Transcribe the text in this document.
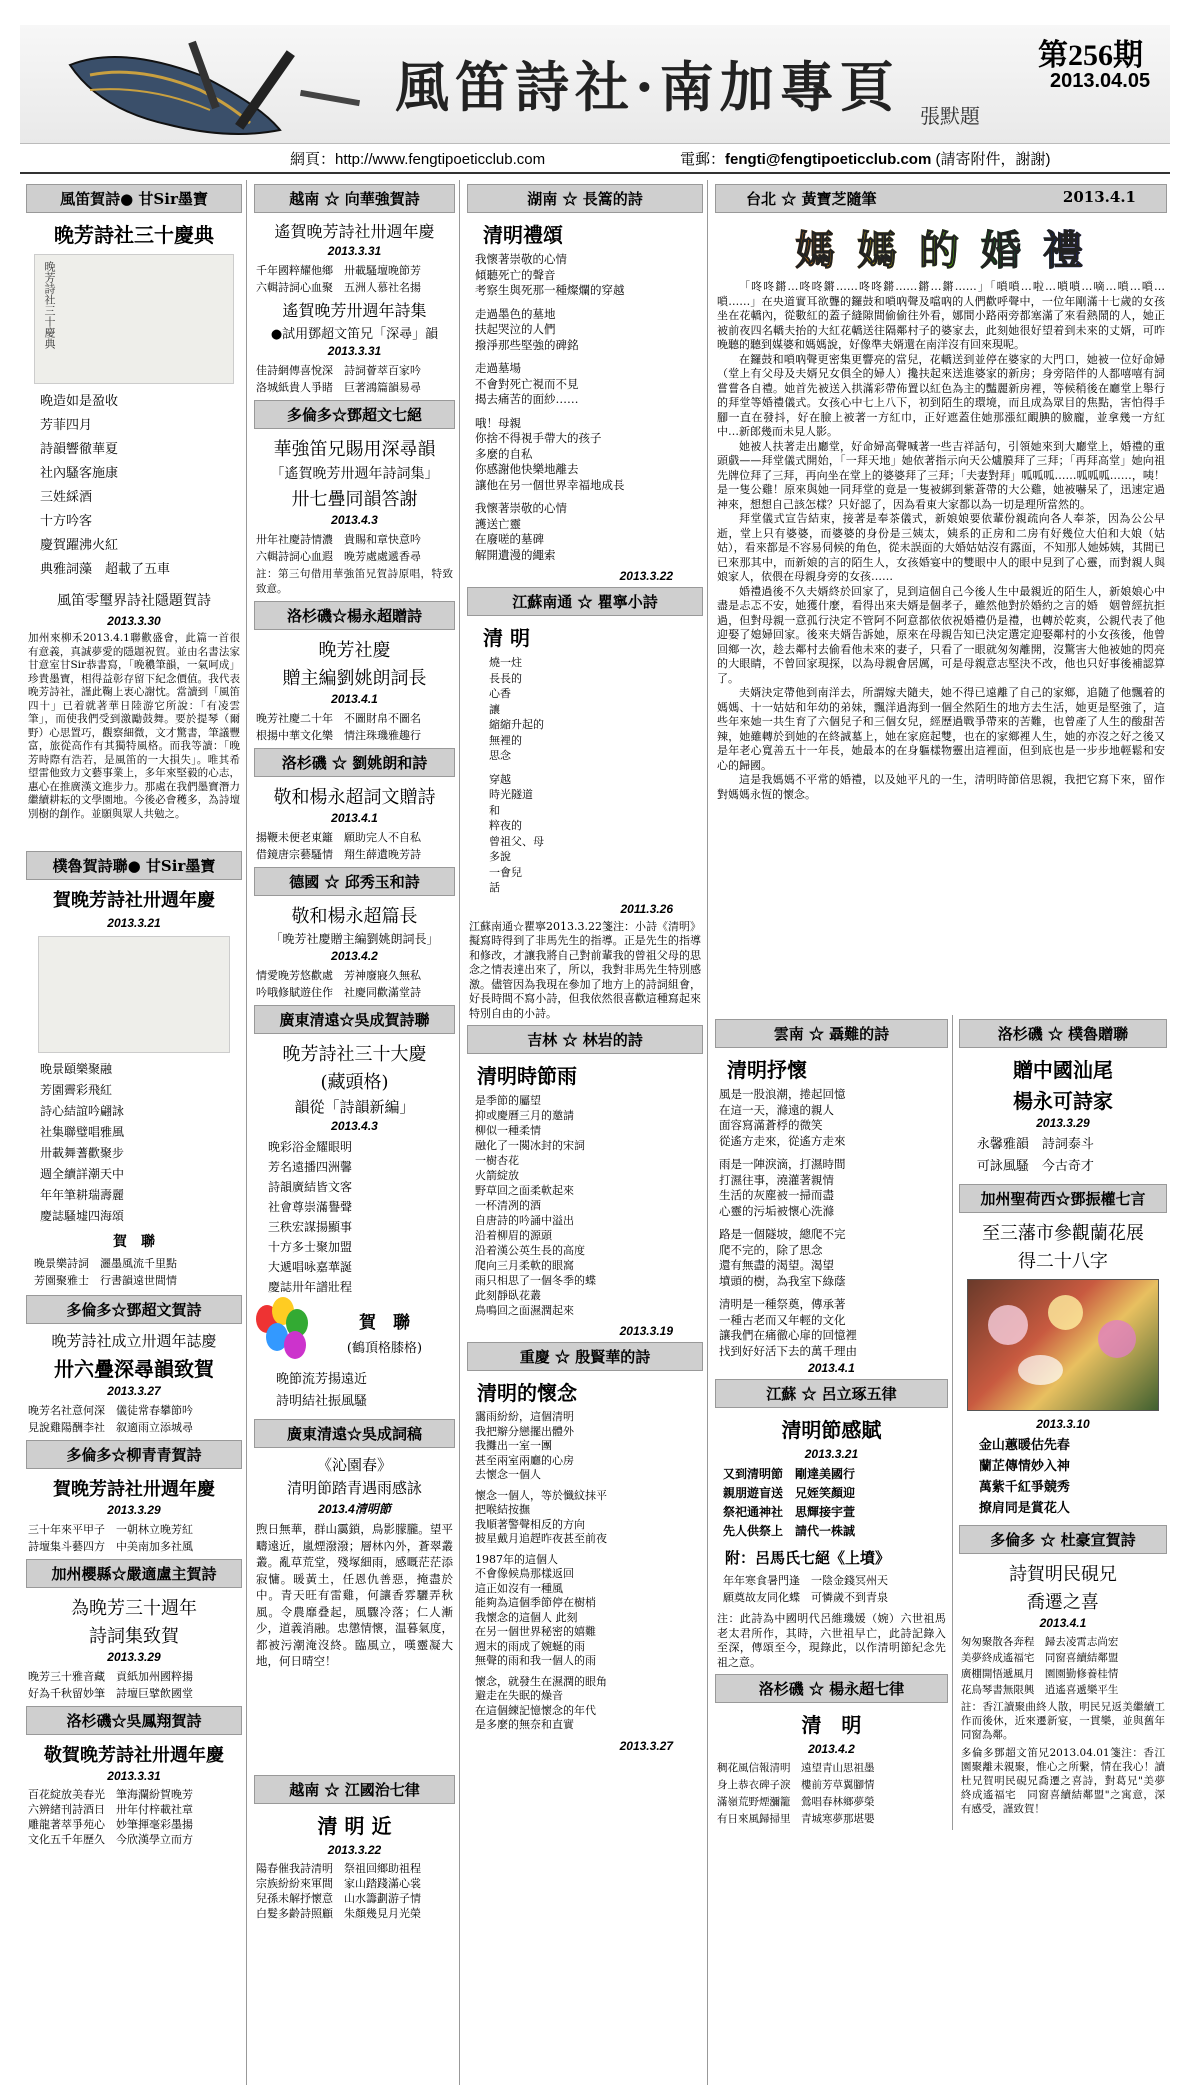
風笛詩社·南加專頁 張默題
第256期
2013.04.05
網頁：http://www.fengtipoeticclub.com	電郵：fengti@fengtipoeticclub.com (請寄附件，謝謝)
風笛賀詩● 甘Sir墨寶
晚芳詩社三十慶典
晚芳詩社三十慶典
晚造如是盈收
芳菲四月
詩韻響徹華夏
社內騷客施康
三姓綵酒
十方吟客
慶賀躍沸火紅
典雅詞藻　超載了五車
風笛零璽界詩社隱題賀詩
2013.3.30
加州來柳禾2013.4.1聯歡盛會，此篇一首很有意義，真誠夢愛的隱題祝賀。並由名書法家甘意室甘Sir恭書寫，「晚穠筆韻，一氣呵成」珍貴墨寶，相得益彰存留下紀念價值。我代表晚芳詩社，謹此鞠上衷心謝忱。當讀到「風笛四十」已着就著華日陸游它所說：「有凌雲筆」，而使我們受到激勵鼓舞。要於提琴（爾野）心思置巧，觀察細微，文才驚書，筆議豐富，旅從高作有其獨特風格。而我等讀：「晚芳時際有浩若，是風笛的一大損失」。唯其希望雷他致力文藝事業上，多年來堅毅的心志，惠心在推廣漢文進步力。那處在我們墨寶潛力繼續耕耘的文學園地。今後必會穫多，為詩壇別樹的創作。並願與眾人共勉之。
樸魯賀詩聯● 甘Sir墨寶
賀晚芳詩社卅週年慶
2013.3.21
晚景頤樂聚融
芳園霽彩飛紅
詩心結誼吟翩詠
社集聯璧唱雅風
卅載舞蓍歡聚步
週全續詳潮天中
年年筆耕瑞壽麗
慶誌騷墟四海頌
賀　聯
晚景樂詩詞　灑墨風流千里點
芳園聚雅士　行書韻遠世間情
多倫多☆鄧超文賀詩
晚芳詩社成立卅週年誌慶
卅六疊深尋韻致賀
2013.3.27
晚芳名社意何深　儀徒常春攀節吟
見說雞陽酬李社　叙適雨立添城尋
多倫多☆柳青青賀詩
賀晚芳詩社卅週年慶
2013.3.29
三十年來平甲子　一朝林立晚芳紅
詩壇集斗藝四方　中美南加多社風
加州櫻縣☆嚴適盧主賀詩
為晚芳三十週年
詩詞集致賀
2013.3.29
晚芳三十雅音藏　貢紙加州國粹揚
好為千秋留妙筆　詩壇巨擘飲國堂
洛杉磯☆吳鳳翔賀詩
敬賀晚芳詩社卅週年慶
2013.3.31
百花綻放美春光　筆海瀾紛賀晚芳
六辨緒刊詩酒日　卅年付梓載社章
雕龍著萃爭苑心　妙筆揮毫彩墨揚
文化五千年歷久　今欣漢學立而方
越南 ☆ 向華強賀詩
遙賀晚芳詩社卅週年慶
2013.3.31
千年國粹耀他鄉　卅載騷壇晚節芳
六輯詩詞心血聚　五洲人慕社名揚
遙賀晚芳卅週年詩集
●試用鄧超文笛兄「深尋」韻
2013.3.31
佳詩網傳喜悅深　詩詞薈萃百家吟
洛城紙貴人爭睹　巨著鴻篇韻易尋
多倫多☆鄧超文七絕
華強笛兄賜用深尋韻
「遙賀晚芳卅週年詩詞集」
卅七疊同韻答謝
2013.4.3
卅年社慶詩情濃　貴賜和章快意吟
六輯詩詞心血遐　晚芳處處遞香尋
註：第三句借用華強笛兄賀詩原唱，特致致意。
洛杉磯☆楊永超贈詩
晚芳社慶
贈主編劉姚朗詞長
2013.4.1
晚芳社慶二十年　不圖財帛不圖名
根揚中華文化樂　情注珠璣雅趣行
洛杉磯 ☆ 劉姚朗和詩
敬和楊永超詞文贈詩
2013.4.1
揚鞭未便老東籬　願助完人不自私
借鏡唐宗藝騷情　翔生薛遺晚芳詩
德國 ☆ 邱秀玉和詩
敬和楊永超篇長
「晚芳社慶贈主編劉姚朗詞長」
2013.4.2
情愛晚芳悠歡處　芳神廢寢久無私
吟哦修賦遊住作　社慶同歡滿堂詩
廣東清遠☆吳成賀詩聯
晚芳詩社三十大慶
(藏頭格)
韻從「詩韻新編」
2013.4.3
晚彩浴金耀眼明
芳名遠播四洲馨
詩韻廣結皆文客
社會尊崇滿譽聲
三秩宏謀揚顯事
十方多士聚加盟
大遞唱咏嘉華誕
慶誌卅年譜壯程
賀　聯
(鶴頂格膝格)
晚節流芳揚遠近
詩明結社振風騷
廣東清遠☆吳成詞稿
《沁園春》
清明節踏青遇雨感詠
2013.4清明節
煦日無華，群山靄鎖，鳥影朦朧。望平疇遠近，嵐煙潑潑；層林內外，蒼翠叢叢。亂草荒堂，殘塚細雨，感嘅茫茫添寂慵。暖黃土，任恩仇善惡，掩盡於中。青天旺有雷雞，何讓香雰驪弄秋風。令農靡叠起，風驟冷落；仁人漸少，道義消融。忠懲情懷，温暮氣度，都被污潮淹沒終。臨風立，嘆靈凝大地，何日晴空！
越南 ☆ 江國治七律
清 明 近
2013.3.22
陽春催我詩清明　祭祖回鄉助祖程
宗族紛紛來軍間　家山踏踐滿心裳
兒孫未解抒懷意　山水籌劃游子情
白髮多齡詩照顧　朱顏幾見月光榮
湖南 ☆ 長篙的詩
清明禮頌
我懷著崇敬的心情
傾聽死亡的聲音
考察生與死那一種燦爛的穿越
走過墨色的墓地
扶起哭泣的人們
撥淨那些堅強的碑銘
走過墓場
不會對死亡視而不見
揭去痛苦的面紗……
哦！母親
你捨不得視手帶大的孩子
多麼的自私
你感謝他快樂地離去
讓他在另一個世界幸福地成長
我懷著崇敬的心情
護送亡靈
在廢嗟的墓碑
解開遺漫的繩索
2013.3.22
江蘇南通 ☆ 瞿寧小詩
清 明
燒一炷
長長的
心香
讓
縮縮升起的
無裡的
思念
穿越
時光隧道
和
粹夜的
曾祖父、母
多說
一會兒
話
2011.3.26
江蘇南通☆瞿寧2013.3.22箋注：小詩《清明》擬寫時得到了非馬先生的指導。正是先生的指導和修改，才讓我將自己對前輩我的曾祖父母的思念之情表達出來了，所以，我對非馬先生特別感激。儘管因為我現在參加了地方上的詩詞組會，好長時間不寫小詩，但我依然很喜歡這種寫起來特別自由的小詩。
吉林 ☆ 林岩的詩
清明時節雨
是季節的屬望
抑或慶曆三月的邀請
柳似一種柔情
融化了一闋冰封的宋詞
一樹杏花
火箭綻放
野草回之面柔軟起來
一杯清冽的酒
自唐詩的吟誦中溢出
沿着柳眉的源頭
沿着漢公英生長的高度
爬向三月柔軟的眼窩
雨只相思了一個冬季的蝶
此刻靜臥花叢
鳥鳴回之面濕潤起來
2013.3.19
重慶 ☆ 殷賢華的詩
清明的懷念
靄雨紛紛，這個清明
我把辮分戀擺出體外
我攤出一室一團
甚至兩室兩廳的心房
去懷念一個人
懷念一個人，等於懺紋抹平
把喉結按撫
我順著警聲相反的方向
披星戴月追趕昨夜甚至前夜
1987年的這個人
不會像候鳥那樣返回
這正如沒有一種風
能夠為這個季節停在樹梢
我懷念的這個人 此刻
在另一個世界秘密的嬉難
週末的雨成了婉蜒的雨
無聲的雨和我一個人的雨
懷念，就發生在濕潤的眼角
避走在失眠的燥音
在這個練記憶懷念的年代
是多麼的無奈和直實
2013.3.27
台北 ☆ 黃寶芝隨筆	2013.4.1
媽 媽 的 婚 禮
「咚咚鏘…咚咚鏘……咚咚鏘……鏘…鏘……」「嗩嗩…啦…嗩嗩…嘀…嗩…嗩…嗩……」在央道實耳欲聾的鑼鼓和嗩吶聲及噹吶的人們歡呼聲中，一位年剛滿十七歲的女孩坐在花轎內，從數紅的蓋子縫隙間偷偷往外看，娜間小路兩旁都塞滿了來看熱鬧的人，她正被前夜四名轎夫抬的大紅花轎送往隔鄰村子的婆家去，此刻她很好望着到未來的丈婿，可昨晚聽的聽到媒婆和媽媽說，好像準夫婿還在南洋沒有回來現呢。
在鑼鼓和嗩吶聲更密集更響亮的當兒，花轎送到並停在婆家的大門口，她被一位好命婦（堂上有父母及夫婿兄女俱全的婦人）攙扶起來送進婆家的新房；身旁陪伴的人都嘻嘻有詞嘗嘗各自禮。她首先被送入拱滿彩帶佈置以紅色為主的豔麗新房裡，等候稍後在廳堂上舉行的拜堂等婚禮儀式。女孩心中七上八下，初到陌生的環境，而且成為眾目的焦點，害怕得手腳一直在發抖，好在臉上被著一方紅巾，正好遮蓋住她那漲紅靦腆的臉龐，並拿幾一方紅中…新郎幾而未見人影。
她被人扶著走出廳堂，好命婦高聲喊著一些吉祥話句，引領她來到大廳堂上，婚禮的重頭戲——拜堂儀式開始，「一拜天地」她依著指示向天公爐膜拜了三拜；「再拜高堂」她向祖先牌位拜了三拜，再向坐在堂上的婆婆拜了三拜；「夫妻對拜」呱呱呱……呱呱呱……，咦！是一隻公雞！原來與她一同拜堂的竟是一隻被綁到紫蒼帶的大公雞，她被嚇呆了，迅速定過神來，想想自己該怎樣？只好認了，因為看東大家都以為一切是理所當然的。
拜堂儀式宣告結束，接著是奉茶儀式，新娘娘要依輩份親疏向各人奉茶，因為公公早逝，堂上只有婆婆，而婆婆的身份是三姨太，姨系的正房和二房有好幾位大伯和大娘（姑姑），看來都是不容易伺候的角色，從未誤面的大婚姑姑沒有露面，不知那人她姊姨，其間已已來那其中，而新娘的言的陌生人，女孩婚宴中的雙眼中人的眼中見到了心靈，而對親人與娘家人，依偎在母親身旁的女孩……
婚禮過後不久夫婿終於回家了，見到這個自己今後人生中最親近的陌生人，新娘娘心中盡是忐忑不安，她獲什麼，看得出來夫婿是個孝子，雖然他對於婚約之言的婚　姻曾經抗拒過，但對母親一意孤行決定不管阿不阿意都依依祝婚禮仍是禮，也轉於乾爽，公親代表了他迎娶了媳婦回家。後來夫婿告訴她，原來在母親告知已決定選定迎娶鄰村的小女孩後，他曾回鄉一次，趁去鄰村去偷看他未來的妻子，只看了一眼就匆匆離開，沒驚害大他被她的閃亮的大眼睛，不曾回家現探，以為母親會居厲，可是母親意志堅決不改，他也只好事後補認算了。
夫婿決定帶他到南洋去，所謂嫁夫隨夫，她不得已遠離了自己的家鄉，追隨了他飄着的媽媽、十一姑姑和年幼的弟妹，飄洋過海到一個全然陌生的地方去生活，她更是堅強了，這些年來她一共生育了六個兒子和三個女兒，經歷過戰爭帶來的苦難，也曾產了人生的酸甜苦辣，她雖轉於到她的在終誠墓上，她在家庭起雙，也在的家鄉裡人生，她的亦沒之好之後又是年老心寬善五十一年長，她最本的在身軀樣物靈出這裡面，但到底也是一步步地輕鬆和安心的歸國。
這是我媽媽不平常的婚禮，以及她平凡的一生，清明時節倍思親，我把它寫下來，留作對媽媽永恆的懷念。
雲南 ☆ 聶難的詩
清明抒懷
風是一股浪潮，捲起回憶
在這一天，滌遠的親人
面容寫滿蒼桴的微笑
從遙方走來，從遙方走來
雨是一陣淚滴，打濕時間
打濕往事，澆灌著親情
生活的灰塵被一掃而盡
心靈的污垢被懷心洗滌
路是一個隧坡，總爬不完
爬不完的，除了思念
還有無盡的渴望。渴望
墳頭的樹，為我室下綠蔭
清明是一種祭奠，傳承著
一種古老而又年輕的文化
讓我們在痛徹心扉的回憶裡
找到好好活下去的萬千理由
2013.4.1
江蘇 ☆ 呂立琢五律
清明節感賦
2013.3.21
又到清明節　剛達美國行
親朋遊盲送　兄姪笑顏迎
祭祀通神社　思輝接宇萱
先人供祭上　請代一株誠
附：呂馬氏七絕《上墳》
年年寒食暑門逢　一陰金錢冥州天
願奠故友同化蝶　可憐歲不到青泉
注：此詩為中國明代呂維璣媛（婉）六世祖馬老太君所作，其時，六世祖早亡，此詩記錄入至深，傳頌至今，現錄此，以作清明節紀念先祖之意。
洛杉磯 ☆ 楊永超七律
清　明
2013.4.2
稠花風信報清明　遠望青山思祖墨
身上恭衣碑子淚　樓前芳草翼腳情
滿嶺荒野煙瀰籠　鶯唱春林鄉夢榮
有日來風歸掃里　青城寒夢那堪嬰
洛杉磯 ☆ 樸魯贈聯
贈中國汕尾
楊永可詩家
2013.3.29
永馨雅韻　詩詞泰斗
可詠風騷　今古奇才
加州聖荷西☆鄧振權七言
至三藩市參觀蘭花展
得二十八字
2013.3.10
金山蕙暖估先春
蘭芷傳情妙入神
萬紫千紅爭競秀
撩肩同是賞花人
多倫多 ☆ 杜豪宣賀詩
詩賀明民硯兄
喬遷之喜
2013.4.1
匆匆聚散各奔程　歸去凌霄志尚宏
美夢終成遙福宅　同窗喜續結鄰盟
廣棚開悟遞風月　園園勤修養桂情
花鳥琴書無限興　逍遙喜遞樂平生
註：香江讀聚曲終人散，明民兄返美繼續工作而後休，近來遷新宴，一貫樂，並與舊年同窗為鄰。
多倫多鄧超文笛兄2013.04.01箋注：香江園聚離未親聚，惟心之所繫，情在我心！讀杜兄賀明民硯兄喬遷之喜詩，對葛兄"美夢終成遙福宅　同窗喜續結鄰盟"之寓意，深有感受，謹致賀！
